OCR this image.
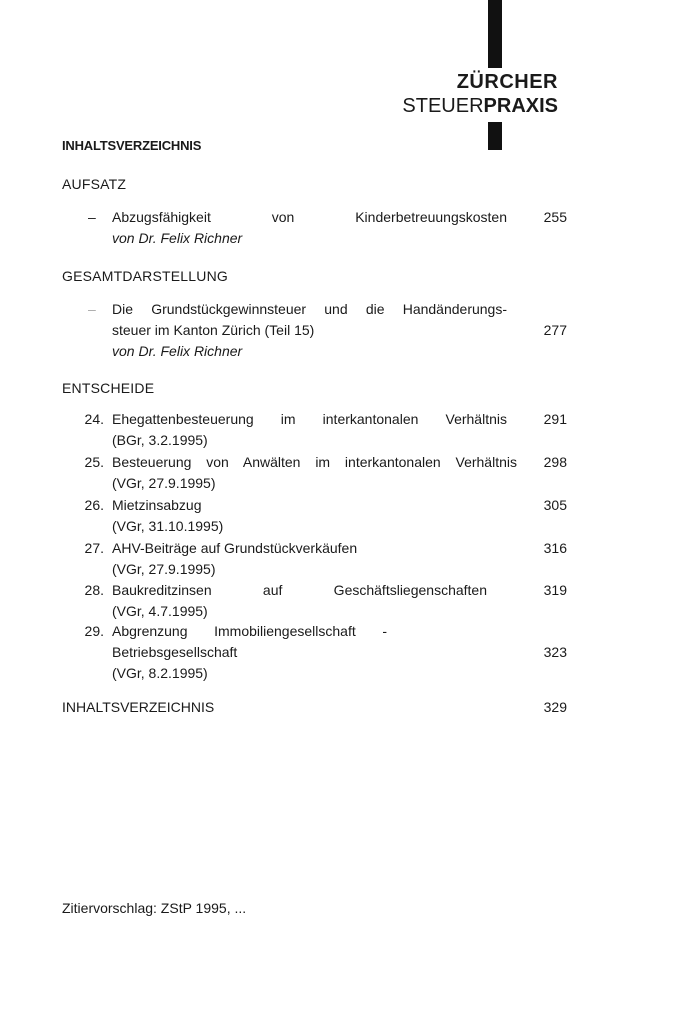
ZÜRCHER
STEUERPRAXIS
INHALTSVERZEICHNIS
AUFSATZ
– Abzugsfähigkeit von Kinderbetreuungskosten
von Dr. Felix Richner
255
GESAMTDARSTELLUNG
– Die Grundstückgewinnsteuer und die Handänderungs-
steuer im Kanton Zürich (Teil 15)
von Dr. Felix Richner
277
ENTSCHEIDE
24. Ehegattenbesteuerung im interkantonalen Verhältnis
(BGr, 3.2.1995)
291
25. Besteuerung von Anwälten im interkantonalen Verhältnis
(VGr, 27.9.1995)
298
26. Mietzinsabzug
(VGr, 31.10.1995)
305
27. AHV-Beiträge auf Grundstückverkäufen
(VGr, 27.9.1995)
316
28. Baukreditzinsen auf Geschäftsliegenschaften
(VGr, 4.7.1995)
319
29. Abgrenzung Immobiliengesellschaft -
Betriebsgesellschaft
(VGr, 8.2.1995)
323
INHALTSVERZEICHNIS	329
Zitiervorschlag: ZStP 1995, ...
